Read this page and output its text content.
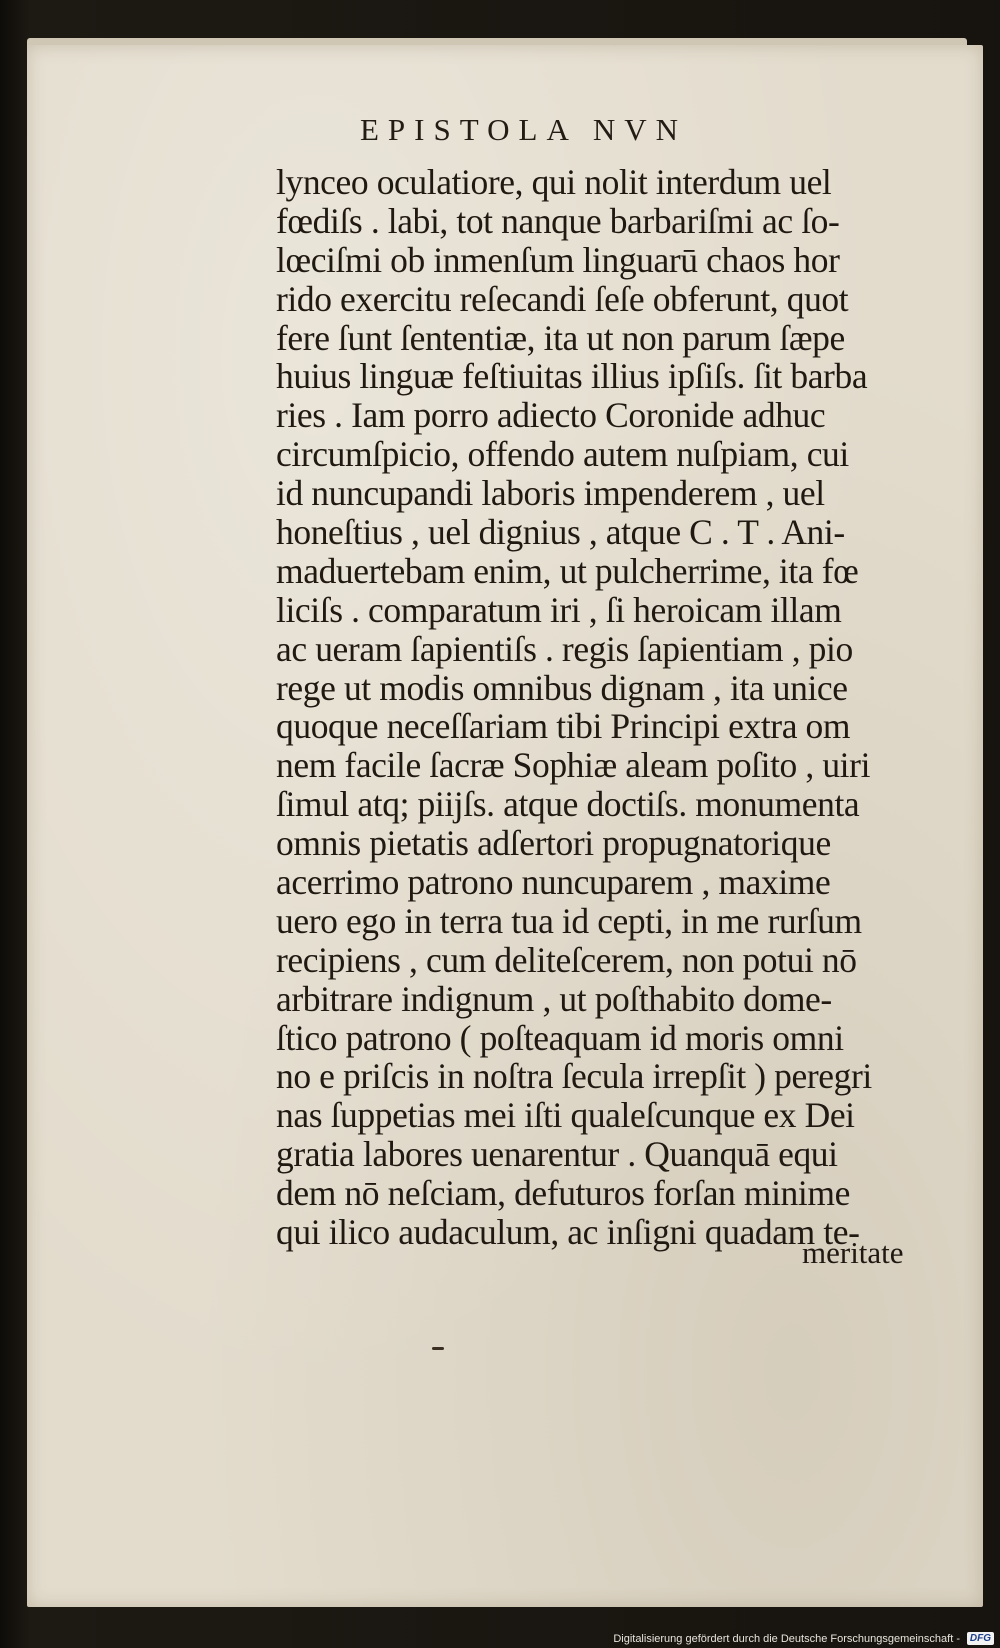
EPISTOLA NVN
lynceo oculatiore, qui nolit interdum uel
fœdiſs . labi, tot nanque barbariſmi ac ſo-
lœciſmi ob inmenſum linguarū chaos hor
rido exercitu reſecandi ſeſe obferunt, quot
fere ſunt ſententiæ, ita ut non parum ſæpe
huius linguæ feſtiuitas illius ipſiſs. ſit barba
ries . Iam porro adiecto Coronide adhuc
circumſpicio, offendo autem nuſpiam, cui
id nuncupandi laboris impenderem , uel
honeſtius , uel dignius , atque C . T . Ani-
maduertebam enim, ut pulcherrime, ita fœ
liciſs . comparatum iri , ſi heroicam illam
ac ueram ſapientiſs . regis ſapientiam , pio
rege ut modis omnibus dignam , ita unice
quoque neceſſariam tibi Principi extra om
nem facile ſacræ Sophiæ aleam poſito , uiri
ſimul atq; piijſs. atque doctiſs. monumenta
omnis pietatis adſertori propugnatorique
acerrimo patrono nuncuparem , maxime
uero ego in terra tua id cepti, in me rurſum
recipiens , cum deliteſcerem, non potui nō
arbitrare indignum , ut poſthabito dome-
ſtico patrono ( poſteaquam id moris omni
no e priſcis in noſtra ſecula irrepſit ) peregri
nas ſuppetias mei iſti qualeſcunque ex Dei
gratia labores uenarentur . Quanquā equi
dem nō neſciam, defuturos forſan minime
qui ilico audaculum, ac inſigni quadam te-
meritate
Digitalisierung gefördert durch die Deutsche Forschungsgemeinschaft - DFG
